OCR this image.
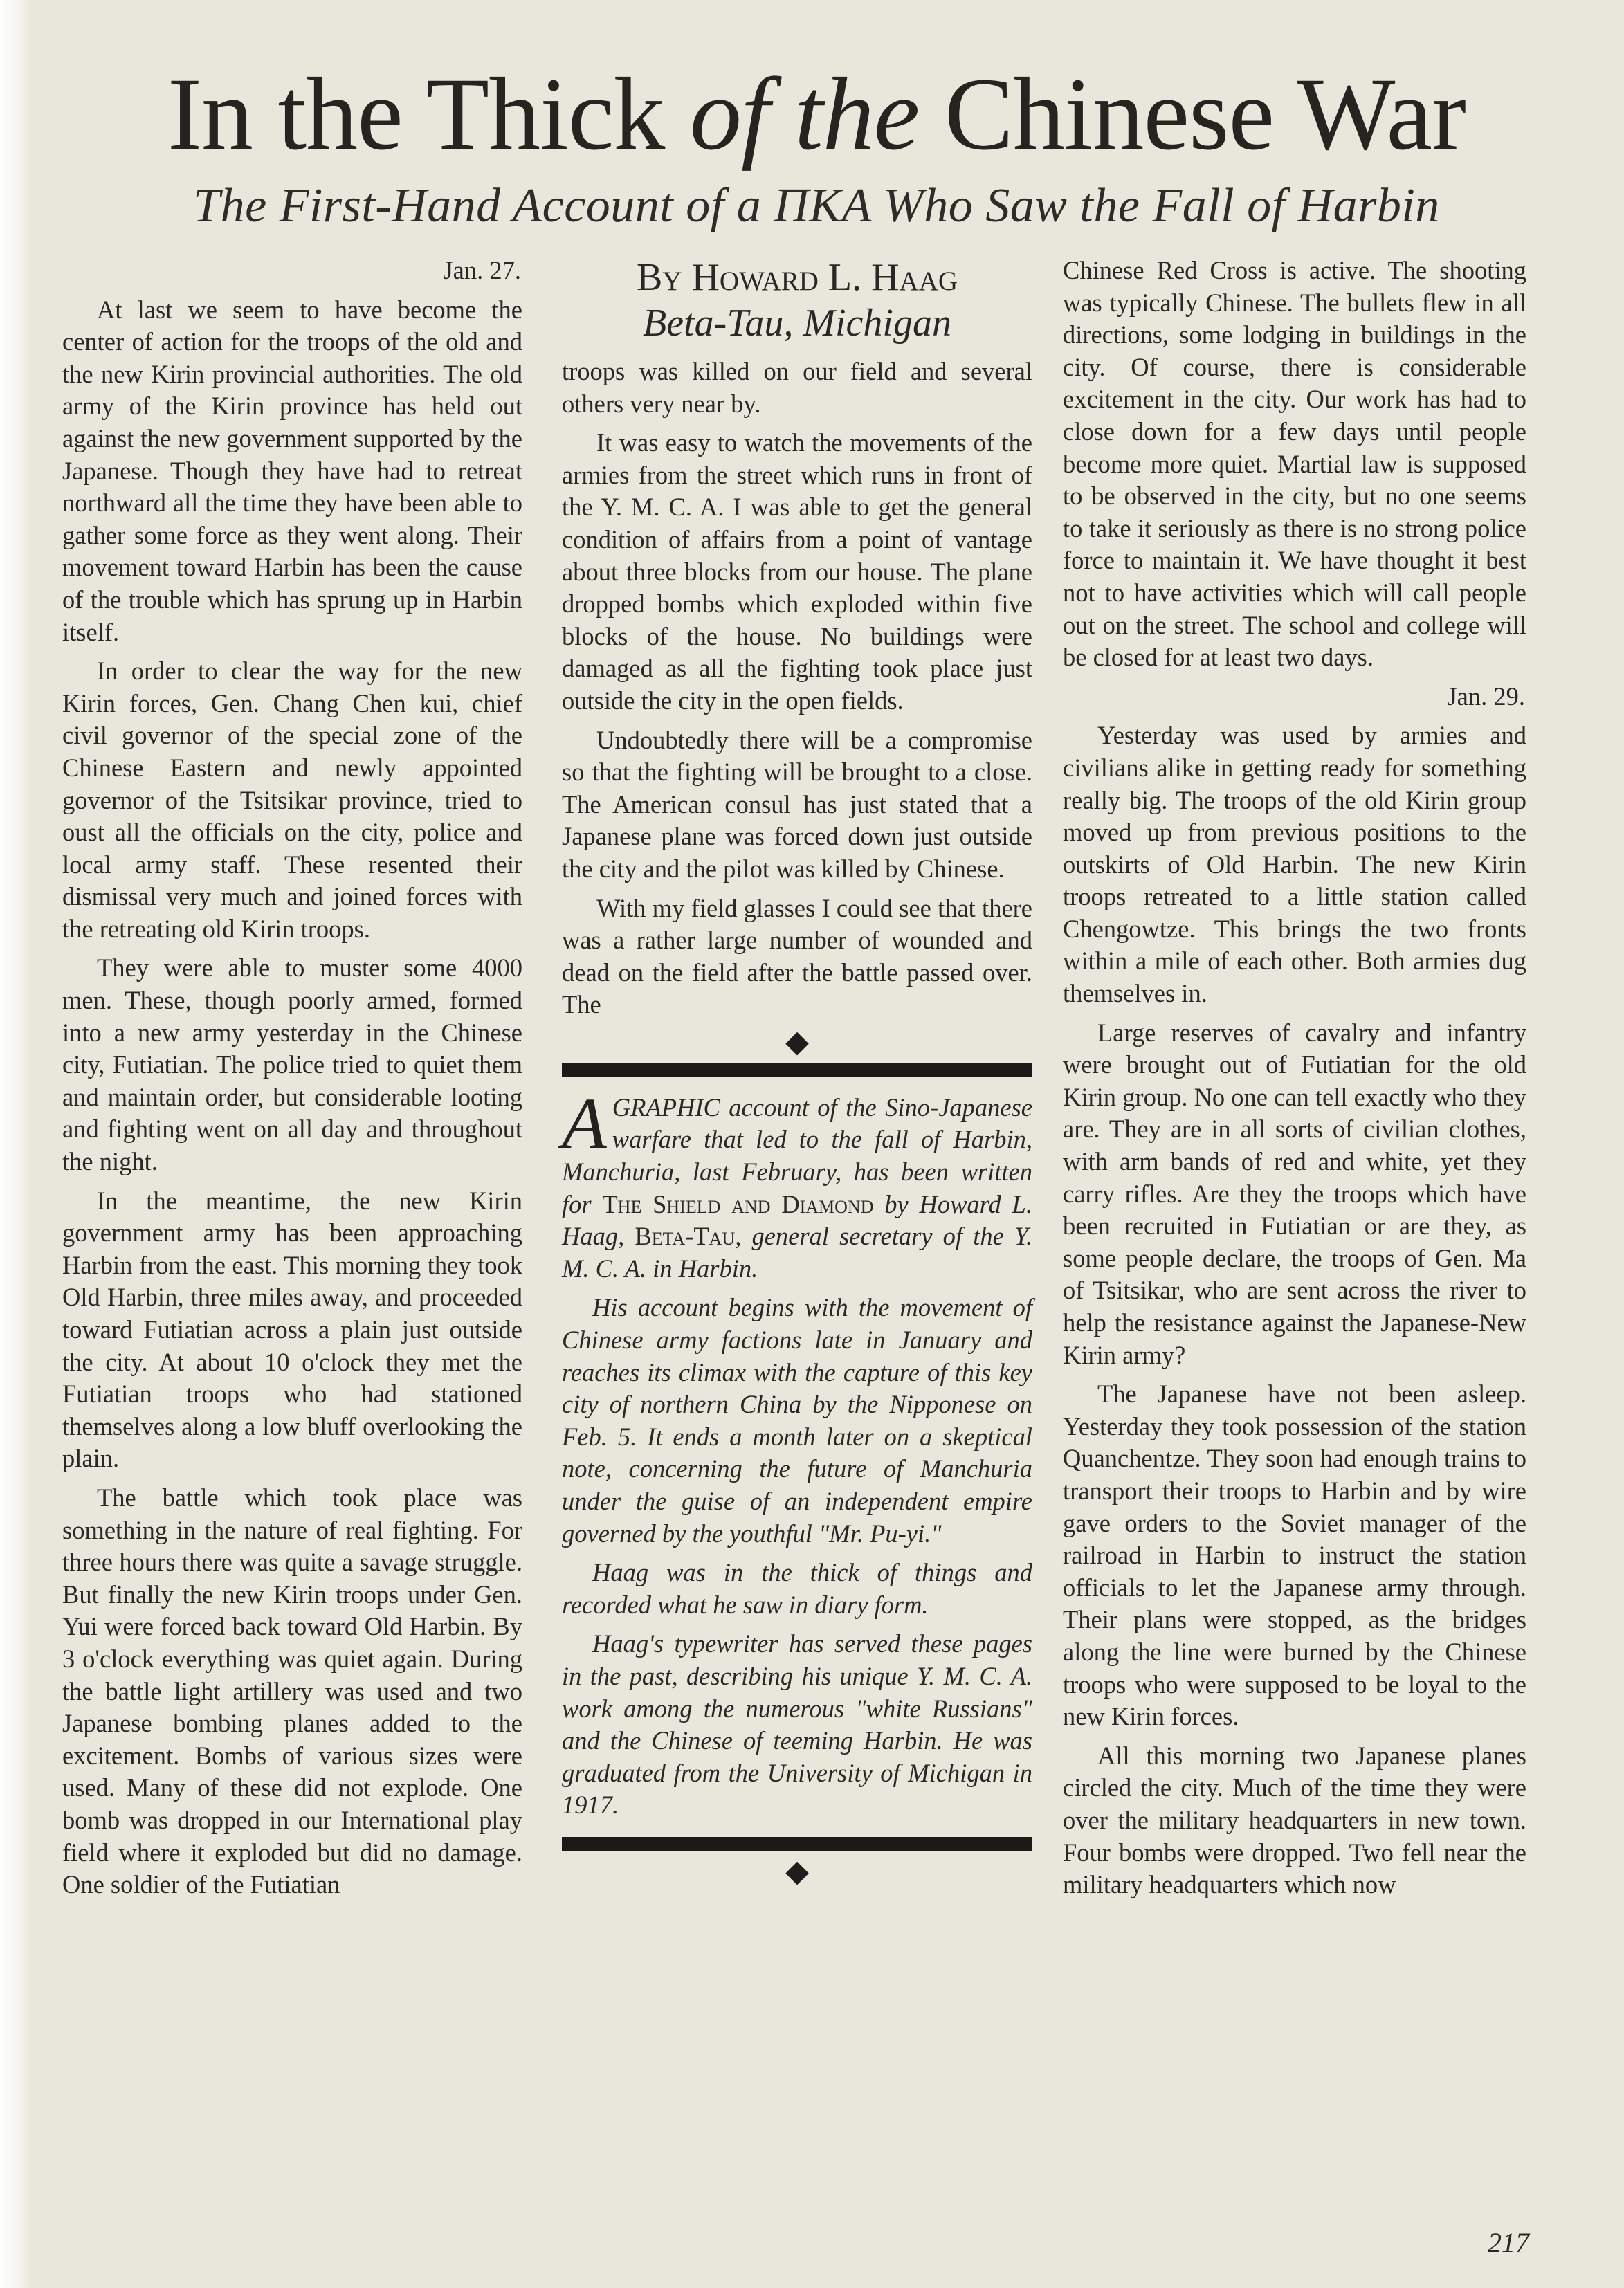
In the Thick of the Chinese War
The First-Hand Account of a ΠΚΑ Who Saw the Fall of Harbin

Jan. 27.

At last we seem to have become the center of action for the troops of the old and the new Kirin provincial authorities. The old army of the Kirin province has held out against the new government supported by the Japanese. Though they have had to retreat northward all the time they have been able to gather some force as they went along. Their movement toward Harbin has been the cause of the trouble which has sprung up in Harbin itself.

In order to clear the way for the new Kirin forces, Gen. Chang Chen kui, chief civil governor of the special zone of the Chinese Eastern and newly appointed governor of the Tsitsikar province, tried to oust all the officials on the city, police and local army staff. These resented their dismissal very much and joined forces with the retreating old Kirin troops.

They were able to muster some 4000 men. These, though poorly armed, formed into a new army yesterday in the Chinese city, Futiatian. The police tried to quiet them and maintain order, but considerable looting and fighting went on all day and throughout the night.

In the meantime, the new Kirin government army has been approaching Harbin from the east. This morning they took Old Harbin, three miles away, and proceeded toward Futiatian across a plain just outside the city. At about 10 o'clock they met the Futiatian troops who had stationed themselves along a low bluff overlooking the plain.

The battle which took place was something in the nature of real fighting. For three hours there was quite a savage struggle. But finally the new Kirin troops under Gen. Yui were forced back toward Old Harbin. By 3 o'clock everything was quiet again. During the battle light artillery was used and two Japanese bombing planes added to the excitement. Bombs of various sizes were used. Many of these did not explode. One bomb was dropped in our International play field where it exploded but did no damage. One soldier of the Futiatian

By Howard L. Haag
Beta-Tau, Michigan

troops was killed on our field and several others very near by.

It was easy to watch the movements of the armies from the street which runs in front of the Y. M. C. A. I was able to get the general condition of affairs from a point of vantage about three blocks from our house. The plane dropped bombs which exploded within five blocks of the house. No buildings were damaged as all the fighting took place just outside the city in the open fields.

Undoubtedly there will be a compromise so that the fighting will be brought to a close. The American consul has just stated that a Japanese plane was forced down just outside the city and the pilot was killed by Chinese.

With my field glasses I could see that there was a rather large number of wounded and dead on the field after the battle passed over. The

◆

AGRAPHIC account of the Sino-Japanese warfare that led to the fall of Harbin, Manchuria, last February, has been written for The Shield and Diamond by Howard L. Haag, Beta-Tau, general secretary of the Y. M. C. A. in Harbin.

His account begins with the movement of Chinese army factions late in January and reaches its climax with the capture of this key city of northern China by the Nipponese on Feb. 5. It ends a month later on a skeptical note, concerning the future of Manchuria under the guise of an independent empire governed by the youthful "Mr. Pu-yi."

Haag was in the thick of things and recorded what he saw in diary form.

Haag's typewriter has served these pages in the past, describing his unique Y. M. C. A. work among the numerous "white Russians" and the Chinese of teeming Harbin. He was graduated from the University of Michigan in 1917.

◆

Chinese Red Cross is active. The shooting was typically Chinese. The bullets flew in all directions, some lodging in buildings in the city. Of course, there is considerable excitement in the city. Our work has had to close down for a few days until people become more quiet. Martial law is supposed to be observed in the city, but no one seems to take it seriously as there is no strong police force to maintain it. We have thought it best not to have activities which will call people out on the street. The school and college will be closed for at least two days.

Jan. 29.

Yesterday was used by armies and civilians alike in getting ready for something really big. The troops of the old Kirin group moved up from previous positions to the outskirts of Old Harbin. The new Kirin troops retreated to a little station called Chengowtze. This brings the two fronts within a mile of each other. Both armies dug themselves in.

Large reserves of cavalry and infantry were brought out of Futiatian for the old Kirin group. No one can tell exactly who they are. They are in all sorts of civilian clothes, with arm bands of red and white, yet they carry rifles. Are they the troops which have been recruited in Futiatian or are they, as some people declare, the troops of Gen. Ma of Tsitsikar, who are sent across the river to help the resistance against the Japanese-New Kirin army?

The Japanese have not been asleep. Yesterday they took possession of the station Quanchentze. They soon had enough trains to transport their troops to Harbin and by wire gave orders to the Soviet manager of the railroad in Harbin to instruct the station officials to let the Japanese army through. Their plans were stopped, as the bridges along the line were burned by the Chinese troops who were supposed to be loyal to the new Kirin forces.

All this morning two Japanese planes circled the city. Much of the time they were over the military headquarters in new town. Four bombs were dropped. Two fell near the military headquarters which now

217
